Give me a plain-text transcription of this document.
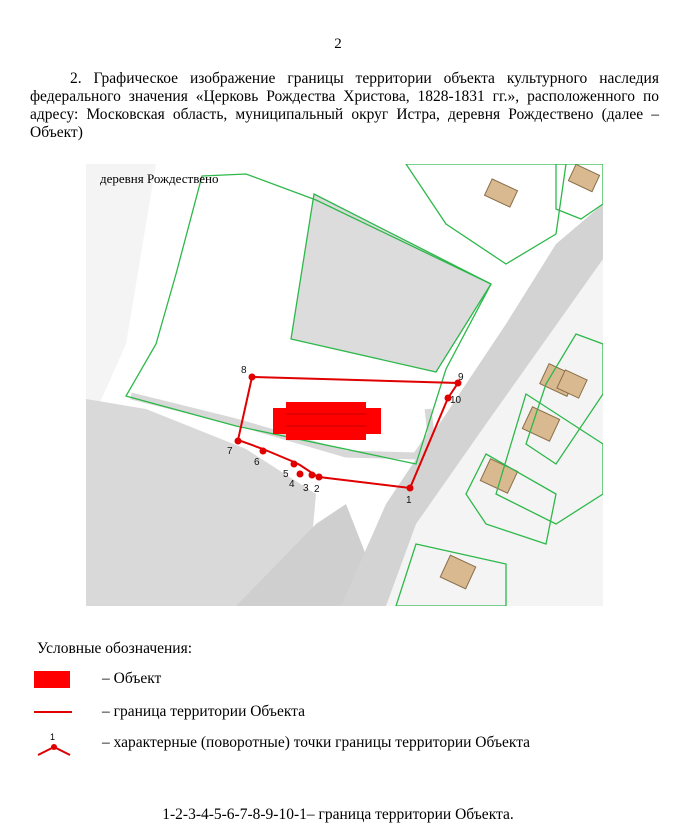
2
2. Графическое изображение границы территории объекта культурного наследия федерального значения «Церковь Рождества Христова, 1828-1831 гг.», расположенного по адресу: Московская область, муниципальный округ Истра, деревня Рождествено (далее – Объект)
1
2
3
4
5
6
7
8
9
10
деревня Рождествено
Условные обозначения:
– Объект
– граница территории Объекта
1	– характерные (поворотные) точки границы территории Объекта
1-2-3-4-5-6-7-8-9-10-1– граница территории Объекта.
